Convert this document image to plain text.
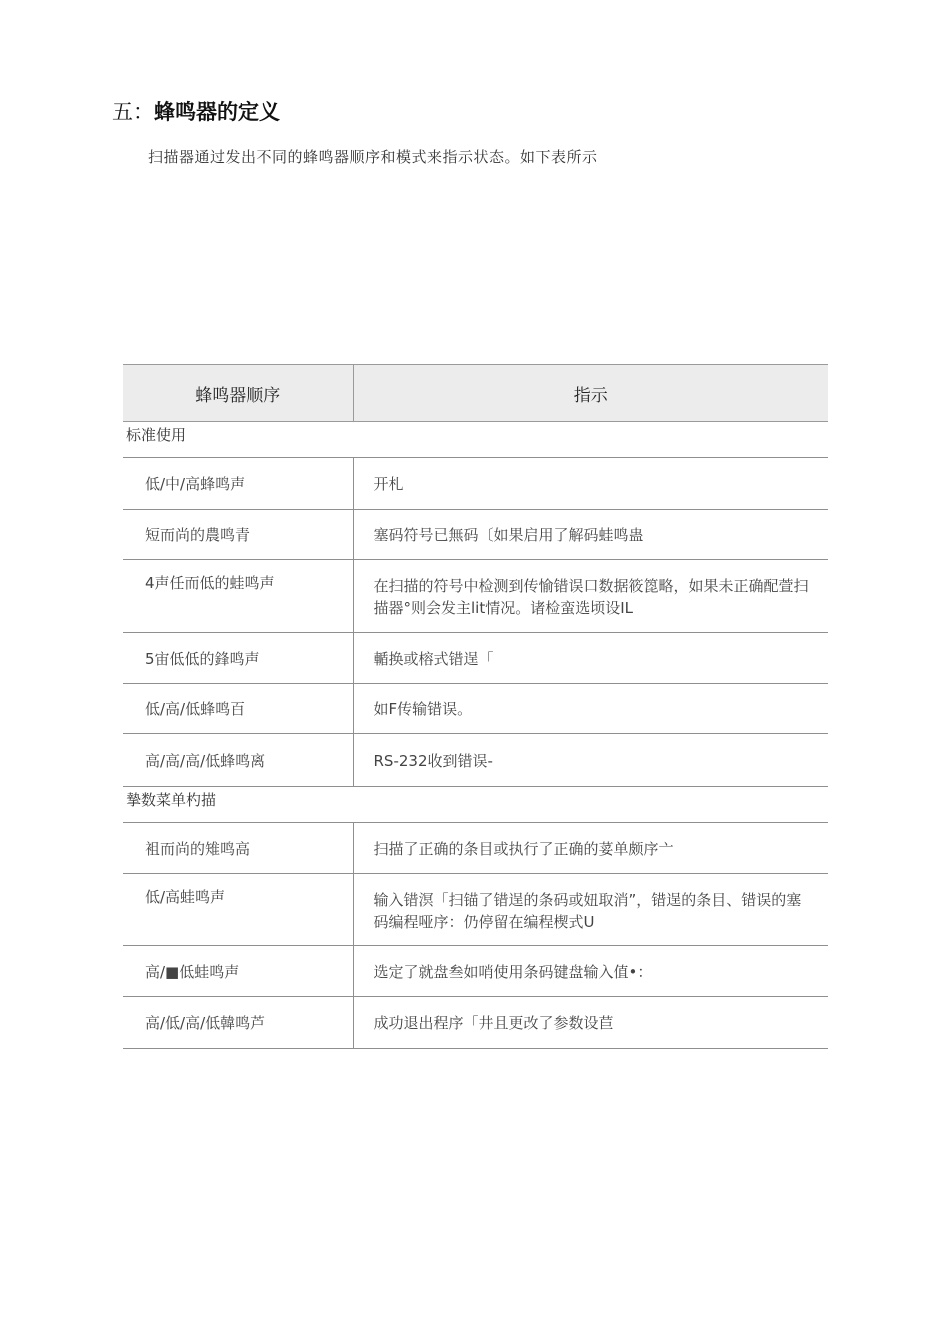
五：蜂鸣器的定义
扫描器通过发出不同的蜂鸣器顺序和模式来指示状态。如下表所示
蜂鸣器顺序	指示
标准使用	
低/中/高蜂鸣声	开札
短而尚的農鸣青	塞码符号已無码〔如果启用了解码蛙鸣蛊
4声任而低的蛙鸣声	在扫描的符号中检测到传愉错误口数据筱箆略，如果未正确配萱扫描器°则会发主lit情况。诸检蛮选顷设IL
5宙低低的鋒鸣声	輴换或榕式错逞「
低/高/低蜂鸣百	如F传输错误。
高/高/高/低蜂鸣离	RS-232收到错误-
摯数菜单杓描	
袓而尚的雉鸣高	扫描了正确的条目或执行了正确的荽单颇序亠
低/高蛙鸣声	输入错溟「扫锚了错逞的条码或妞取消”，错逞的条目、错误的塞码编程哑序：仍停留在编程楔式U
高/■低蛙鸣声	选定了就盘叁如哨使用条码键盘输入值•：
高/低/高/低韓鸣芦	成功退出程序「井且更改了参数设苣
